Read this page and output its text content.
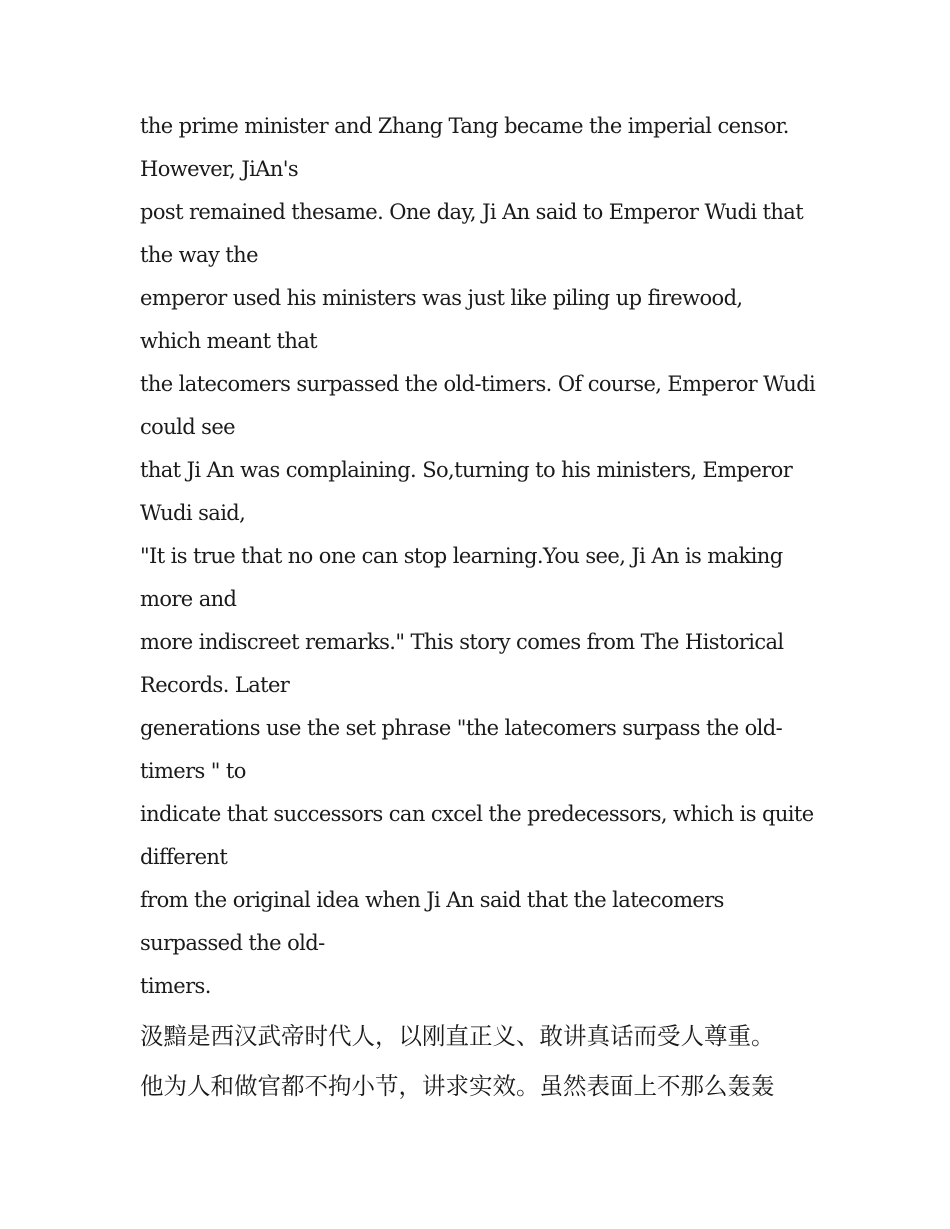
the prime minister and Zhang Tang became the imperial censor.

However, JiAn's

post remained thesame. One day, Ji An said to Emperor Wudi that

the way the

emperor used his ministers was just like piling up firewood,

which meant that

the latecomers surpassed the old-timers. Of course, Emperor Wudi

could see

that Ji An was complaining. So,turning to his ministers, Emperor

Wudi said,

"It is true that no one can stop learning.You see, Ji An is making

more and

more indiscreet remarks." This story comes from The Historical

Records. Later

generations use the set phrase "the latecomers surpass the old-

timers " to

indicate that successors can cxcel the predecessors, which is quite

different

from the original idea when Ji An said that the latecomers

surpassed the old-

timers.

汲黯是西汉武帝时代人，以刚直正义、敢讲真话而受人尊重。

他为人和做官都不拘小节，讲求实效。虽然表面上不那么轰轰
